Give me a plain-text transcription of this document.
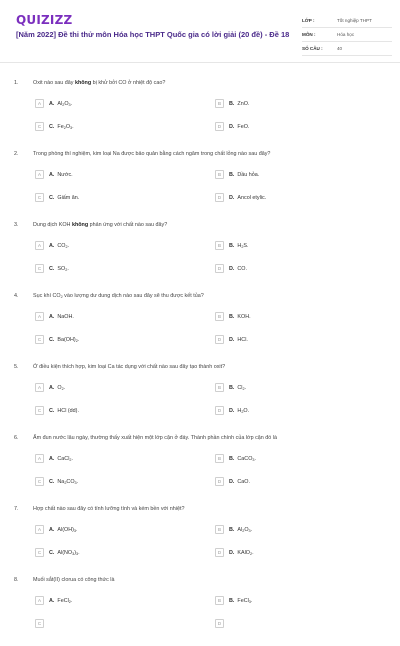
QUIZIZZ
[Năm 2022] Đề thi thử môn Hóa học THPT Quốc gia có lời giải (20 đề) - Đề 18
LỚP :	Tốt nghiệp THPT
MÔN :	Hóa học
SỐ CÂU :	40
1.	Oxit nào sau đây không bị khử bởi CO ở nhiệt độ cao?
A	A. $Al_2O_3$.	B	B. ZnO.
C	C. $Fe_2O_3$.	D	D. FeO.
2.	Trong phòng thí nghiệm, kim loại Na được bảo quản bằng cách ngâm trong chất lỏng nào sau đây?
A	A. Nước.	B	B. Dầu hỏa.
C	C. Giấm ăn.	D	D. Ancol etylic.
3.	Dung dịch KOH không phản ứng với chất nào sau đây?
A	A. $CO_2$.	B	B. $H_2S$.
C	C. $SO_2$.	D	D. CO.
4.	Sục khí $CO_2$ vào lượng dư dung dịch nào sau đây sẽ thu được kết tủa?
A	A. NaOH.	B	B. KOH.
C	C. $Ba(OH)_2$.	D	D. HCl.
5.	Ở điều kiện thích hợp, kim loại Ca tác dụng với chất nào sau đây tạo thành oxit?
A	A. $O_2$.	B	B. $Cl_2$.
C	C. HCl (dd).	D	D. $H_2O$.
6.	Ấm đun nước lâu ngày, thường thấy xuất hiện một lớp cặn ở đáy. Thành phần chính của lớp cặn đó là
A	A. CaCl$_2$.	B	B. CaCO$_3$.
C	C. $Na_2CO_3$.	D	D. CaO.
7.	Hợp chất nào sau đây có tính lưỡng tính và kém bền với nhiệt?
A	A. $Al(OH)_3$.	B	B. $Al_2O_3$.
C	C. $Al(NO_3)_3$.	D	D. KAlO$_2$.
8.	Muối sắt(II) clorua có công thức là
A	A. FeCl$_2$.	B	B. FeCl$_3$.
C	D
